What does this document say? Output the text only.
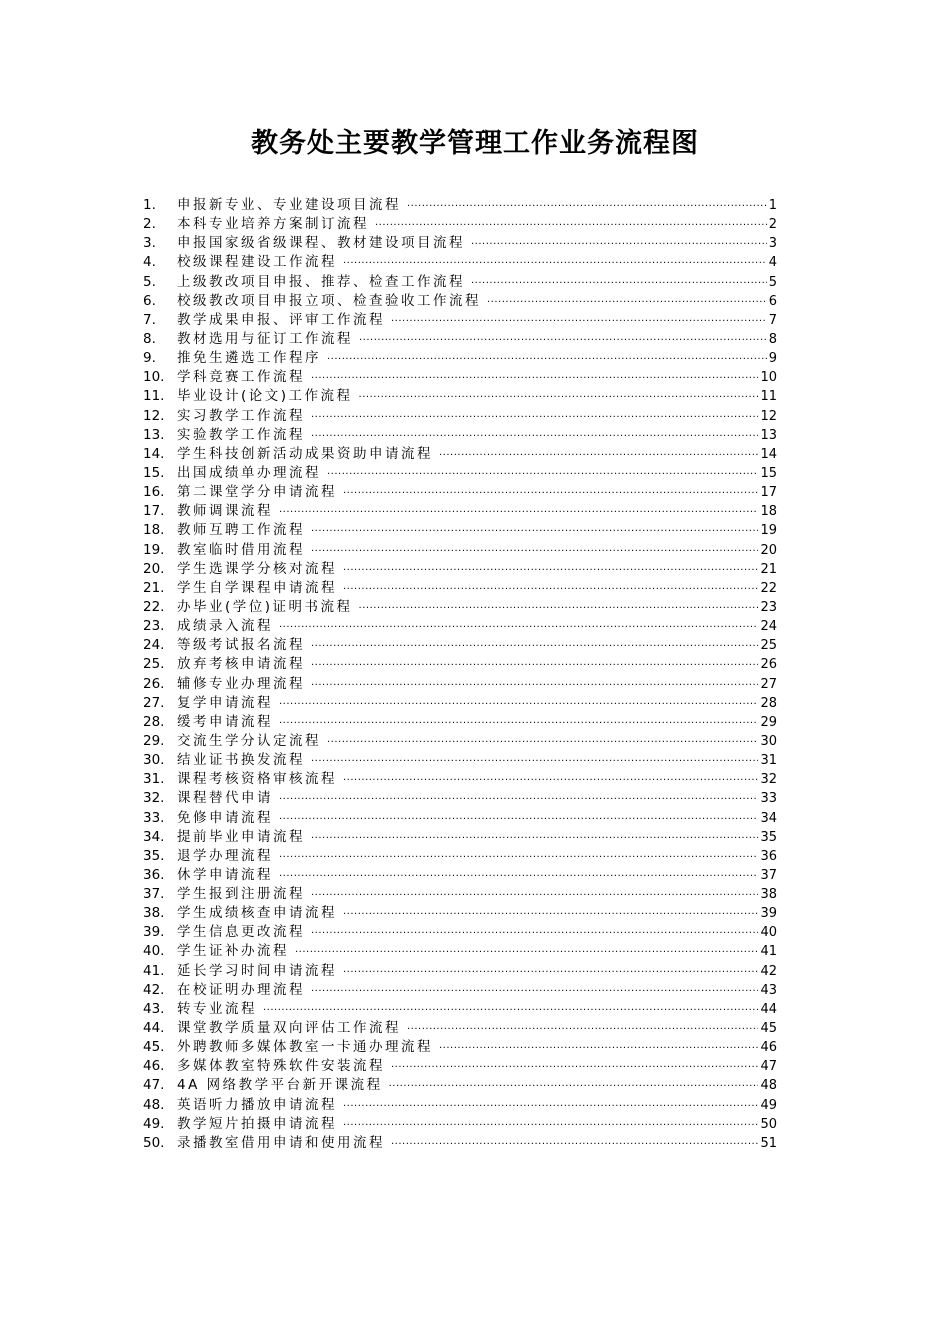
教务处主要教学管理工作业务流程图
1.	申报新专业、专业建设项目流程 ·····	1
2.	本科专业培养方案制订流程 ·····	2
3.	申报国家级省级课程、教材建设项目流程 ·····	3
4.	校级课程建设工作流程 ·····	4
5.	上级教改项目申报、推荐、检查工作流程 ·····	5
6.	校级教改项目申报立项、检查验收工作流程 ·····	6
7.	教学成果申报、评审工作流程 ·····	7
8.	教材选用与征订工作流程 ·····	8
9.	推免生遴选工作程序 ·····	9
10. 学科竞赛工作流程 ·····	10
11. 毕业设计(论文)工作流程 ·····	11
12. 实习教学工作流程 ·····	12
13. 实验教学工作流程 ·····	13
14. 学生科技创新活动成果资助申请流程 ·····	14
15. 出国成绩单办理流程 ·····	15
16. 第二课堂学分申请流程 ·····	17
17. 教师调课流程 ·····	18
18. 教师互聘工作流程 ·····	19
19. 教室临时借用流程 ·····	20
20. 学生选课学分核对流程 ·····	21
21. 学生自学课程申请流程 ·····	22
22. 办毕业(学位)证明书流程 ·····	23
23. 成绩录入流程 ·····	24
24. 等级考试报名流程 ·····	25
25. 放弃考核申请流程 ·····	26
26. 辅修专业办理流程 ·····	27
27. 复学申请流程 ·····	28
28. 缓考申请流程 ·····	29
29. 交流生学分认定流程 ·····	30
30. 结业证书换发流程 ·····	31
31. 课程考核资格审核流程 ·····	32
32. 课程替代申请 ·····	33
33. 免修申请流程 ·····	34
34. 提前毕业申请流程 ·····	35
35. 退学办理流程 ·····	36
36. 休学申请流程 ·····	37
37. 学生报到注册流程 ·····	38
38. 学生成绩核查申请流程 ·····	39
39. 学生信息更改流程 ·····	40
40. 学生证补办流程 ·····	41
41. 延长学习时间申请流程 ·····	42
42. 在校证明办理流程 ·····	43
43. 转专业流程 ·····	44
44. 课堂教学质量双向评估工作流程 ·····	45
45. 外聘教师多媒体教室一卡通办理流程 ·····	46
46. 多媒体教室特殊软件安装流程 ·····	47
47. 4A 网络教学平台新开课流程 ·····	48
48. 英语听力播放申请流程 ·····	49
49. 教学短片拍摄申请流程 ·····	50
50. 录播教室借用申请和使用流程 ·····	51
